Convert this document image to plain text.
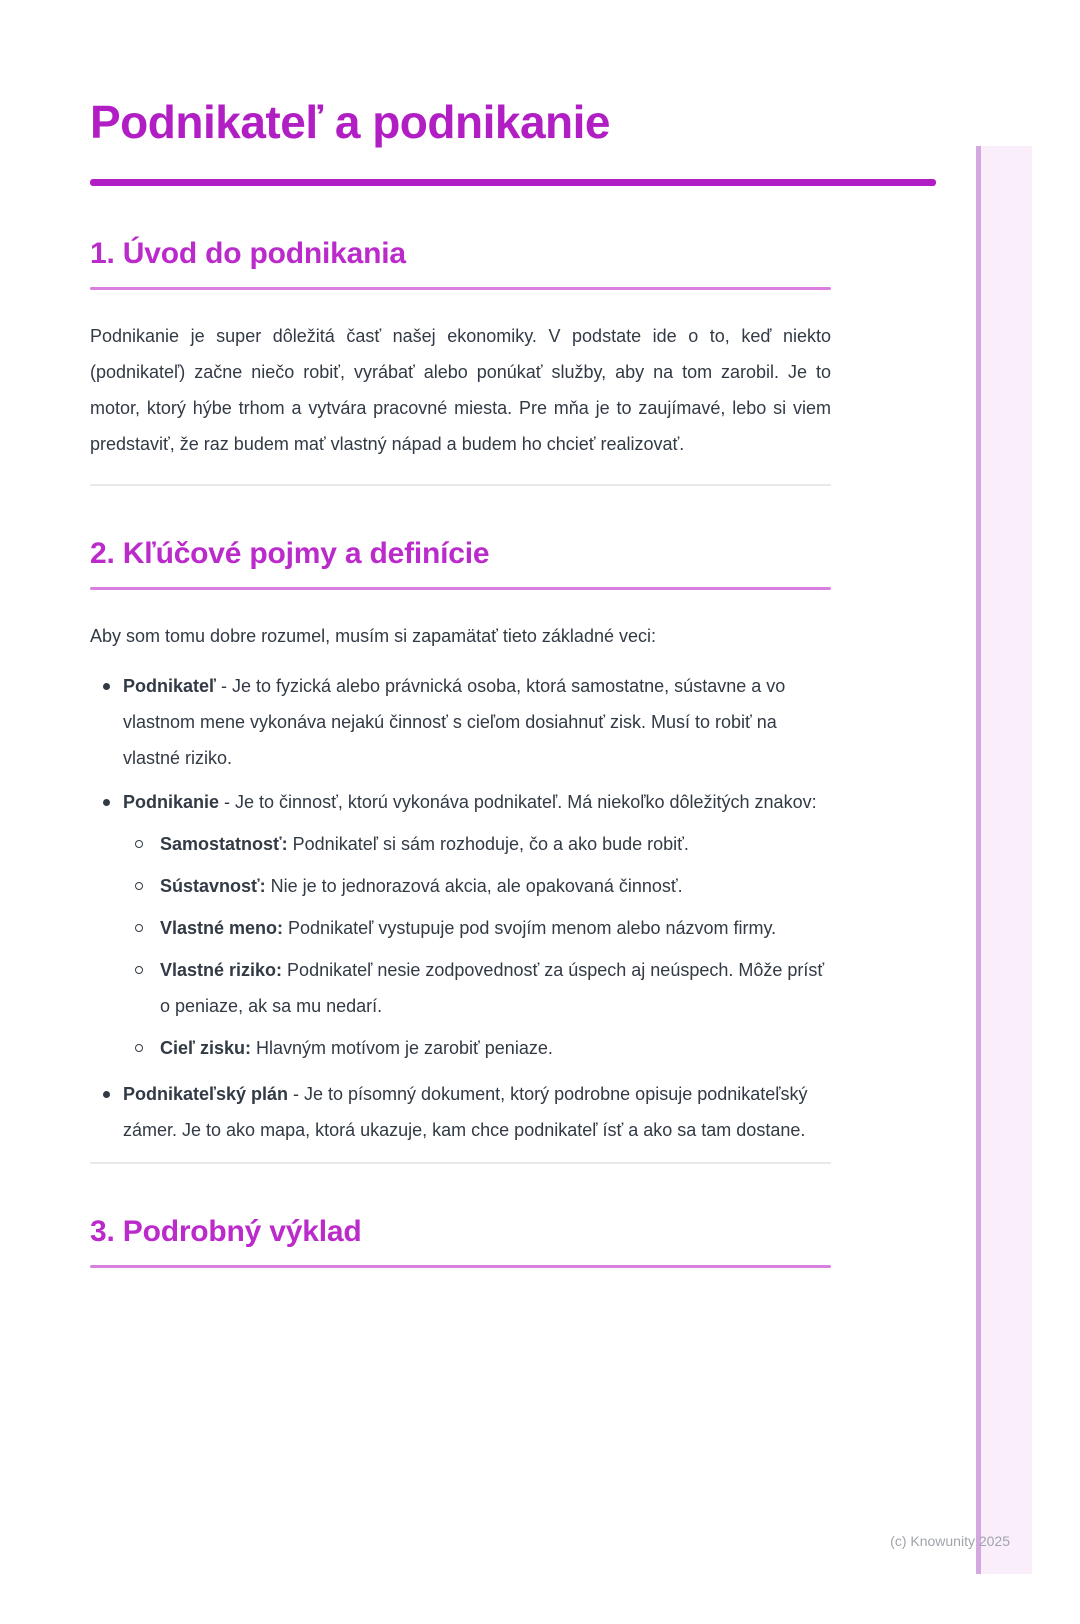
Podnikateľ a podnikanie
1. Úvod do podnikania

Podnikanie je super dôležitá časť našej ekonomiky. V podstate ide o to, keď niekto (podnikateľ) začne niečo robiť, vyrábať alebo ponúkať služby, aby na tom zarobil. Je to motor, ktorý hýbe trhom a vytvára pracovné miesta. Pre mňa je to zaujímavé, lebo si viem predstaviť, že raz budem mať vlastný nápad a budem ho chcieť realizovať.

2. Kľúčové pojmy a definície

Aby som tomu dobre rozumel, musím si zapamätať tieto základné veci:

Podnikateľ - Je to fyzická alebo právnická osoba, ktorá samostatne, sústavne a vo vlastnom mene vykonáva nejakú činnosť s cieľom dosiahnuť zisk. Musí to robiť na vlastné riziko.
Podnikanie - Je to činnosť, ktorú vykonáva podnikateľ. Má niekoľko dôležitých znakov:
Samostatnosť: Podnikateľ si sám rozhoduje, čo a ako bude robiť.
Sústavnosť: Nie je to jednorazová akcia, ale opakovaná činnosť.
Vlastné meno: Podnikateľ vystupuje pod svojím menom alebo názvom firmy.
Vlastné riziko: Podnikateľ nesie zodpovednosť za úspech aj neúspech. Môže prísť o peniaze, ak sa mu nedarí.
Cieľ zisku: Hlavným motívom je zarobiť peniaze.
Podnikateľský plán - Je to písomný dokument, ktorý podrobne opisuje podnikateľský zámer. Je to ako mapa, ktorá ukazuje, kam chce podnikateľ ísť a ako sa tam dostane.
3. Podrobný výklad
(c) Knowunity 2025
